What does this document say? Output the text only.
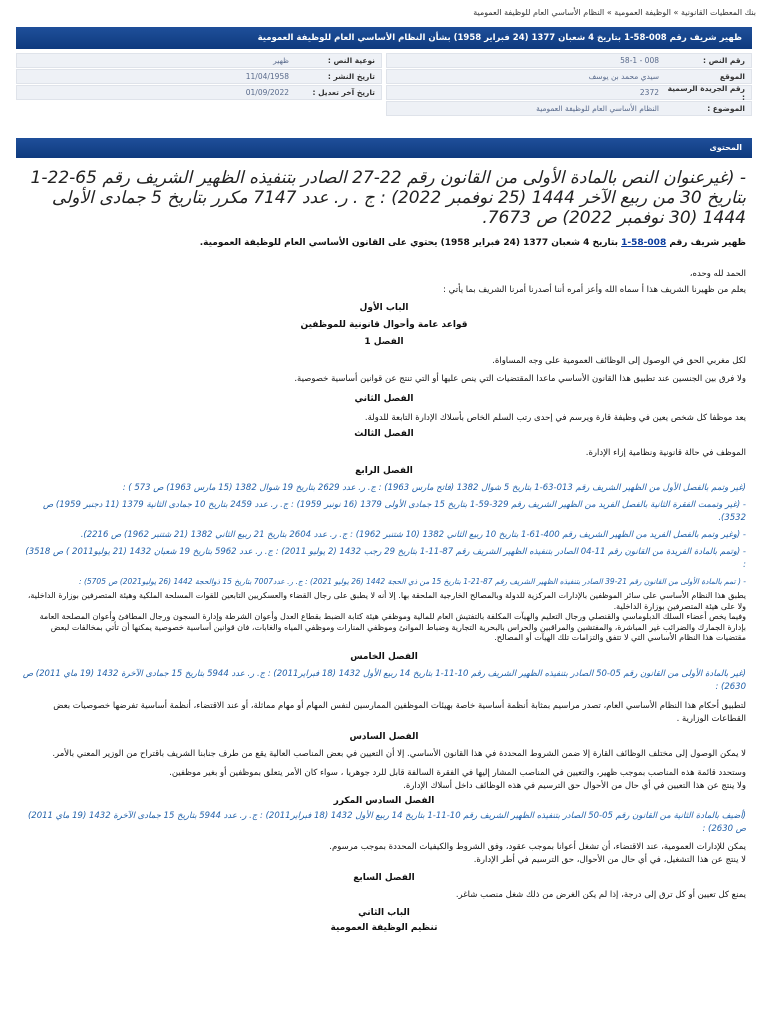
بنك المعطيات القانونية » الوظيفة العمومية » النظام الأساسي العام للوظيفة العمومية
ظهير شريف رقم 008-58-1 بتاريخ 4 شعبان 1377 (24 فبراير 1958) بشأن النظام الأساسي العام للوظيفة العمومية
رقم النص :
008 - 58-1
الموقع
سيدي محمد بن يوسف
رقم الجريدة الرسمية :
2372
الموضوع :
النظام الأساسي العام للوظيفة العمومية
نوعية النص :
ظهير
تاريخ النشر :
11/04/1958
تاريخ آخر تعديل :
01/09/2022
المحتوى

- (غيرعنوان النص بالمادة الأولى من القانون رقم 22-27 الصادر بتنفيذه الظهير الشريف رقم 65-22-1 بتاريخ 30 من ربيع الآخر 1444 (25 نوفمبر 2022) : ج . ر. عدد 7147 مكرر بتاريخ 5 جمادى الأولى 1444 (30 نوفمبر 2022) ص 7673.

ظهير شريف رقم 008-58-1 بتاريخ 4 شعبان 1377 (24 فبراير 1958) يحتوي على القانون الأساسي العام للوظيفة العمومية.

الحمد لله وحده،

يعلم من ظهيرنا الشريف هذا أ سماه الله وأعز أمره أننا أصدرنا أمرنا الشريف بما يأتي :

الباب الأول

قواعد عامة وأحوال قانونية للموظفين

الفصل 1

لكل مغربي الحق في الوصول إلى الوظائف العمومية على وجه المساواة.

ولا فرق بين الجنسين عند تطبيق هذا القانون الأساسي ماعدا المقتضيات التي ينص عليها أو التي تنتج عن قوانين أساسية خصوصية.

الفصل الثاني

يعد موظفا كل شخص يعين في وظيفة قارة ويرسم في إحدى رتب السلم الخاص بأسلاك الإدارة التابعة للدولة.

الفصل الثالث

الموظف في حالة قانونية ونظامية إزاء الإدارة.

الفصل الرابع

(غير وتمم بالفصل الأول من الظهير الشريف رقم 013-63-1 بتاريخ 5 شوال 1382 (فاتح مارس 1963) : ج. ر. عدد 2629 بتاريخ 19 شوال 1382 (15 مارس 1963) ص 573 ) :

- (غير وتممت الفقرة الثانية بالفصل الفريد من الظهير الشريف رقم 329-59-1 بتاريخ 15 جمادى الأولى 1379 (16 نونبر 1959) : ج. ر. عدد 2459 بتاريخ 10 جمادى الثانية 1379 (11 دجنبر 1959) ص 3532).

- (وغير وتمم بالفصل الفريد من الظهير الشريف رقم 400-61-1 بتاريخ 10 ربيع الثاني 1382 (10 شتنبر 1962) : ج. ر. عدد 2604 بتاريخ 21 ربيع الثاني 1382 (21 شتنبر 1962) ص 2216).

- (وتمم بالمادة الفريدة من القانون رقم 11-04 الصادر بتنفيذه الظهير الشريف رقم 87-11-1 بتاريخ 29 رجب 1432 (2 يوليو 2011) : ج. ر. عدد 5962 بتاريخ 19 شعبان 1432 (21 يوليو2011 ) ص 3518) :

- ( تمم بالمادة الأولى من القانون رقم 21-39 الصادر بتنفيذه الظهير الشريف رقم 87-21-1 بتاريخ 15 من ذي الحجة 1442 (26 يوليو 2021) : ج. ر. عدد7007 بتاريخ 15 ذوالحجة 1442 (26 يوليو2021) ص 5705) :

يطبق هذا النظام الأساسي على سائر الموظفين بالإدارات المركزية للدولة وبالمصالح الخارجية الملحقة بها. إلا أنه لا يطبق على رجال القضاء والعسكريين التابعين للقوات المسلحة الملكية وهيئة المتصرفين بوزارة الداخلية، ولا على هيئة المتصرفين بوزارة الداخلية.
وفيما يخص أعضاء السلك الدبلوماسي والقنصلي ورجال التعليم والهيآت المكلفة بالتفتيش العام للمالية وموظفي هيئة كتابة الضبط بقطاع العدل وأعوان الشرطة وإدارة السجون ورجال المطافئ وأعوان المصلحة العامة بإدارة الجمارك والضرائب غير المباشرة، والمفتشين والمراقبين والحراس بالبحرية التجارية وضباط الموانئ وموظفي المنارات وموظفي المياه والغابات، فان قوانين أساسية خصوصية يمكنها أن تأتي بمخالفات لبعض مقتضيات هذا النظام الأساسي التي لا تتفق والتزامات تلك الهيآت أو المصالح.

الفصل الخامس

(غير بالمادة الأولى من القانون رقم 05-50 الصادر بتنفيذه الظهير الشريف رقم 10-11-1 بتاريخ 14 ربيع الأول 1432 (18 فبراير2011) : ج. ر. عدد 5944 بتاريخ 15 جمادى الآخرة 1432 (19 ماي 2011) ص 2630) :

لتطبيق أحكام هذا النظام الأساسي العام، تصدر مراسيم بمثابة أنظمة أساسية خاصة بهيئات الموظفين الممارسين لنفس المهام أو مهام مماثلة، أو عند الاقتضاء، أنظمة أساسية تفرضها خصوصيات بعض القطاعات الوزارية .

الفصل السادس

لا يمكن الوصول إلى مختلف الوظائف القارة إلا ضمن الشروط المحددة في هذا القانون الأساسي. إلا أن التعيين في بعض المناصب العالية يقع من طرف جنابنا الشريف باقتراح من الوزير المعني بالأمر.

وستحدد قائمة هذه المناصب بموجب ظهير، والتعيين في المناصب المشار إليها في الفقرة السالفة قابل للرد جوهريا ، سواء كان الأمر يتعلق بموظفين أو بغير موظفين.
ولا ينتج عن هذا التعيين في أي حال من الأحوال حق الترسيم في هذه الوظائف داخل أسلاك الإدارة.

الفصل السادس المكرر

(أضيف بالمادة الثانية من القانون رقم 05-50 الصادر بتنفيذه الظهير الشريف رقم 10-11-1 بتاريخ 14 ربيع الأول 1432 (18 فبراير2011) : ج. ر. عدد 5944 بتاريخ 15 جمادى الآخرة 1432 (19 ماي 2011) ص 2630) :

يمكن للإدارات العمومية، عند الاقتضاء، أن تشغل أعوانا بموجب عقود، وفق الشروط والكيفيات المحددة بموجب مرسوم.
لا ينتج عن هذا التشغيل، في أي حال من الأحوال، حق الترسيم في أطر الإدارة.

الفصل السابع

يمنع كل تعيين أو كل ترق إلى درجة، إذا لم يكن الغرض من ذلك شغل منصب شاغر.

الباب الثاني

تنظيم الوظيفة العمومية
